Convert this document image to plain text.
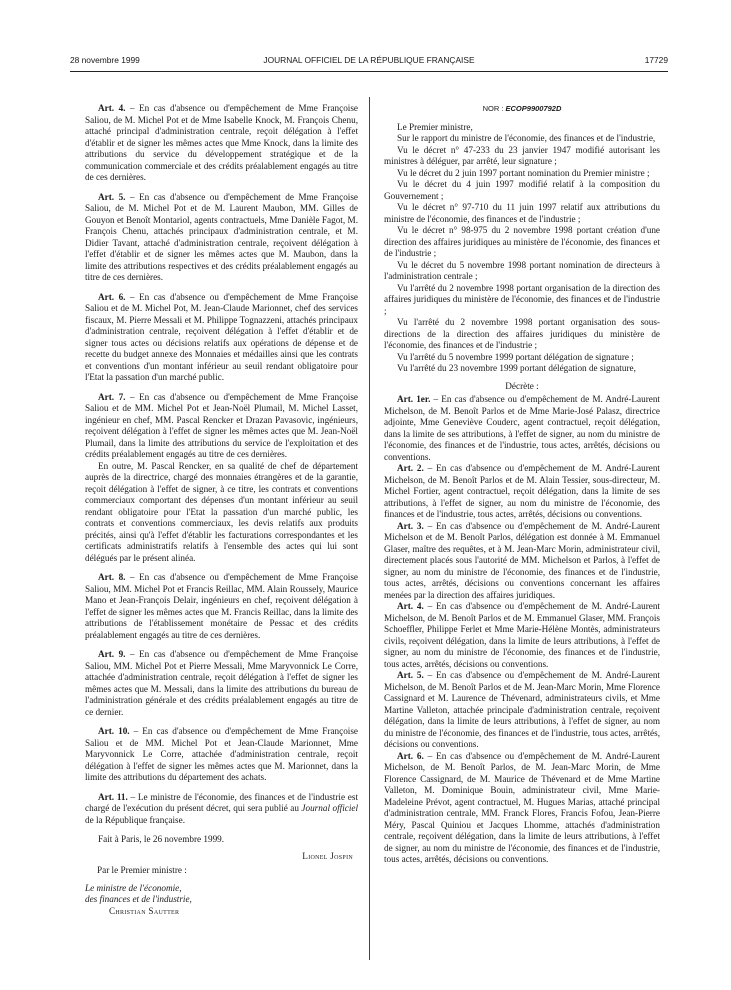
28 novembre 1999	JOURNAL OFFICIEL DE LA RÉPUBLIQUE FRANÇAISE	17729

Art. 4. – En cas d'absence ou d'empêchement de Mme Françoise Saliou, de M. Michel Pot et de Mme Isabelle Knock, M. François Chenu, attaché principal d'administration centrale, reçoit délégation à l'effet d'établir et de signer les mêmes actes que Mme Knock, dans la limite des attributions du service du développement stratégique et de la communication commerciale et des crédits préalablement engagés au titre de ces dernières.

Art. 5. – En cas d'absence ou d'empêchement de Mme Françoise Saliou, de M. Michel Pot et de M. Laurent Maubon, MM. Gilles de Gouyon et Benoît Montariol, agents contractuels, Mme Danièle Fagot, M. François Chenu, attachés principaux d'administration centrale, et M. Didier Tavant, attaché d'administration centrale, reçoivent délégation à l'effet d'établir et de signer les mêmes actes que M. Maubon, dans la limite des attributions respectives et des crédits préalablement engagés au titre de ces dernières.

Art. 6. – En cas d'absence ou d'empêchement de Mme Françoise Saliou et de M. Michel Pot, M. Jean-Claude Marionnet, chef des services fiscaux, M. Pierre Messali et M. Philippe Tognazzeni, attachés principaux d'administration centrale, reçoivent délégation à l'effet d'établir et de signer tous actes ou décisions relatifs aux opérations de dépense et de recette du budget annexe des Monnaies et médailles ainsi que les contrats et conventions d'un montant inférieur au seuil rendant obligatoire pour l'Etat la passation d'un marché public.

Art. 7. – En cas d'absence ou d'empêchement de Mme Françoise Saliou et de MM. Michel Pot et Jean-Noël Plumail, M. Michel Lasset, ingénieur en chef, MM. Pascal Rencker et Drazan Pavasovic, ingénieurs, reçoivent délégation à l'effet de signer les mêmes actes que M. Jean-Noël Plumail, dans la limite des attributions du service de l'exploitation et des crédits préalablement engagés au titre de ces dernières.

En outre, M. Pascal Rencker, en sa qualité de chef de département auprès de la directrice, chargé des monnaies étrangères et de la garantie, reçoit délégation à l'effet de signer, à ce titre, les contrats et conventions commerciaux comportant des dépenses d'un montant inférieur au seuil rendant obligatoire pour l'Etat la passation d'un marché public, les contrats et conventions commerciaux, les devis relatifs aux produits précités, ainsi qu'à l'effet d'établir les facturations correspondantes et les certificats administratifs relatifs à l'ensemble des actes qui lui sont délégués par le présent alinéa.

Art. 8. – En cas d'absence ou d'empêchement de Mme Françoise Saliou, MM. Michel Pot et Francis Reillac, MM. Alain Roussely, Maurice Mano et Jean-François Delair, ingénieurs en chef, reçoivent délégation à l'effet de signer les mêmes actes que M. Francis Reillac, dans la limite des attributions de l'établissement monétaire de Pessac et des crédits préalablement engagés au titre de ces dernières.

Art. 9. – En cas d'absence ou d'empêchement de Mme Françoise Saliou, MM. Michel Pot et Pierre Messali, Mme Maryvonnick Le Corre, attachée d'administration centrale, reçoit délégation à l'effet de signer les mêmes actes que M. Messali, dans la limite des attributions du bureau de l'administration générale et des crédits préalablement engagés au titre de ce dernier.

Art. 10. – En cas d'absence ou d'empêchement de Mme Françoise Saliou et de MM. Michel Pot et Jean-Claude Marionnet, Mme Maryvonnick Le Corre, attachée d'administration centrale, reçoit délégation à l'effet de signer les mêmes actes que M. Marionnet, dans la limite des attributions du département des achats.

Art. 11. – Le ministre de l'économie, des finances et de l'industrie est chargé de l'exécution du présent décret, qui sera publié au Journal officiel de la République française.

Fait à Paris, le 26 novembre 1999.

Lionel Jospin

Par le Premier ministre :

Le ministre de l'économie,

des finances et de l'industrie,

Christian Sautter

NOR : ECOP9900792D

Le Premier ministre,

Sur le rapport du ministre de l'économie, des finances et de l'industrie,

Vu le décret n° 47-233 du 23 janvier 1947 modifié autorisant les ministres à déléguer, par arrêté, leur signature ;

Vu le décret du 2 juin 1997 portant nomination du Premier ministre ;

Vu le décret du 4 juin 1997 modifié relatif à la composition du Gouvernement ;

Vu le décret n° 97-710 du 11 juin 1997 relatif aux attributions du ministre de l'économie, des finances et de l'industrie ;

Vu le décret n° 98-975 du 2 novembre 1998 portant création d'une direction des affaires juridiques au ministère de l'économie, des finances et de l'industrie ;

Vu le décret du 5 novembre 1998 portant nomination de directeurs à l'administration centrale ;

Vu l'arrêté du 2 novembre 1998 portant organisation de la direction des affaires juridiques du ministère de l'économie, des finances et de l'industrie ;

Vu l'arrêté du 2 novembre 1998 portant organisation des sous-directions de la direction des affaires juridiques du ministère de l'économie, des finances et de l'industrie ;

Vu l'arrêté du 5 novembre 1999 portant délégation de signature ;

Vu l'arrêté du 23 novembre 1999 portant délégation de signature,

Décrète :

Art. 1er. – En cas d'absence ou d'empêchement de M. André-Laurent Michelson, de M. Benoît Parlos et de Mme Marie-José Palasz, directrice adjointe, Mme Geneviève Couderc, agent contractuel, reçoit délégation, dans la limite de ses attributions, à l'effet de signer, au nom du ministre de l'économie, des finances et de l'industrie, tous actes, arrêtés, décisions ou conventions.

Art. 2. – En cas d'absence ou d'empêchement de M. André-Laurent Michelson, de M. Benoît Parlos et de M. Alain Tessier, sous-directeur, M. Michel Fortier, agent contractuel, reçoit délégation, dans la limite de ses attributions, à l'effet de signer, au nom du ministre de l'économie, des finances et de l'industrie, tous actes, arrêtés, décisions ou conventions.

Art. 3. – En cas d'absence ou d'empêchement de M. André-Laurent Michelson et de M. Benoît Parlos, délégation est donnée à M. Emmanuel Glaser, maître des requêtes, et à M. Jean-Marc Morin, administrateur civil, directement placés sous l'autorité de MM. Michelson et Parlos, à l'effet de signer, au nom du ministre de l'économie, des finances et de l'industrie, tous actes, arrêtés, décisions ou conventions concernant les affaires menées par la direction des affaires juridiques.

Art. 4. – En cas d'absence ou d'empêchement de M. André-Laurent Michelson, de M. Benoît Parlos et de M. Emmanuel Glaser, MM. François Schoeffler, Philippe Ferlet et Mme Marie-Hélène Montès, administrateurs civils, reçoivent délégation, dans la limite de leurs attributions, à l'effet de signer, au nom du ministre de l'économie, des finances et de l'industrie, tous actes, arrêtés, décisions ou conventions.

Art. 5. – En cas d'absence ou d'empêchement de M. André-Laurent Michelson, de M. Benoît Parlos et de M. Jean-Marc Morin, Mme Florence Cassignard et M. Laurence de Thévenard, administrateurs civils, et Mme Martine Valleton, attachée principale d'administration centrale, reçoivent délégation, dans la limite de leurs attributions, à l'effet de signer, au nom du ministre de l'économie, des finances et de l'industrie, tous actes, arrêtés, décisions ou conventions.

Art. 6. – En cas d'absence ou d'empêchement de M. André-Laurent Michelson, de M. Benoît Parlos, de M. Jean-Marc Morin, de Mme Florence Cassignard, de M. Maurice de Thévenard et de Mme Martine Valleton, M. Dominique Bouin, administrateur civil, Mme Marie-Madeleine Prévot, agent contractuel, M. Hugues Marias, attaché principal d'administration centrale, MM. Franck Flores, Francis Fofou, Jean-Pierre Méry, Pascal Quiniou et Jacques Lhomme, attachés d'administration centrale, reçoivent délégation, dans la limite de leurs attributions, à l'effet de signer, au nom du ministre de l'économie, des finances et de l'industrie, tous actes, arrêtés, décisions ou conventions.
